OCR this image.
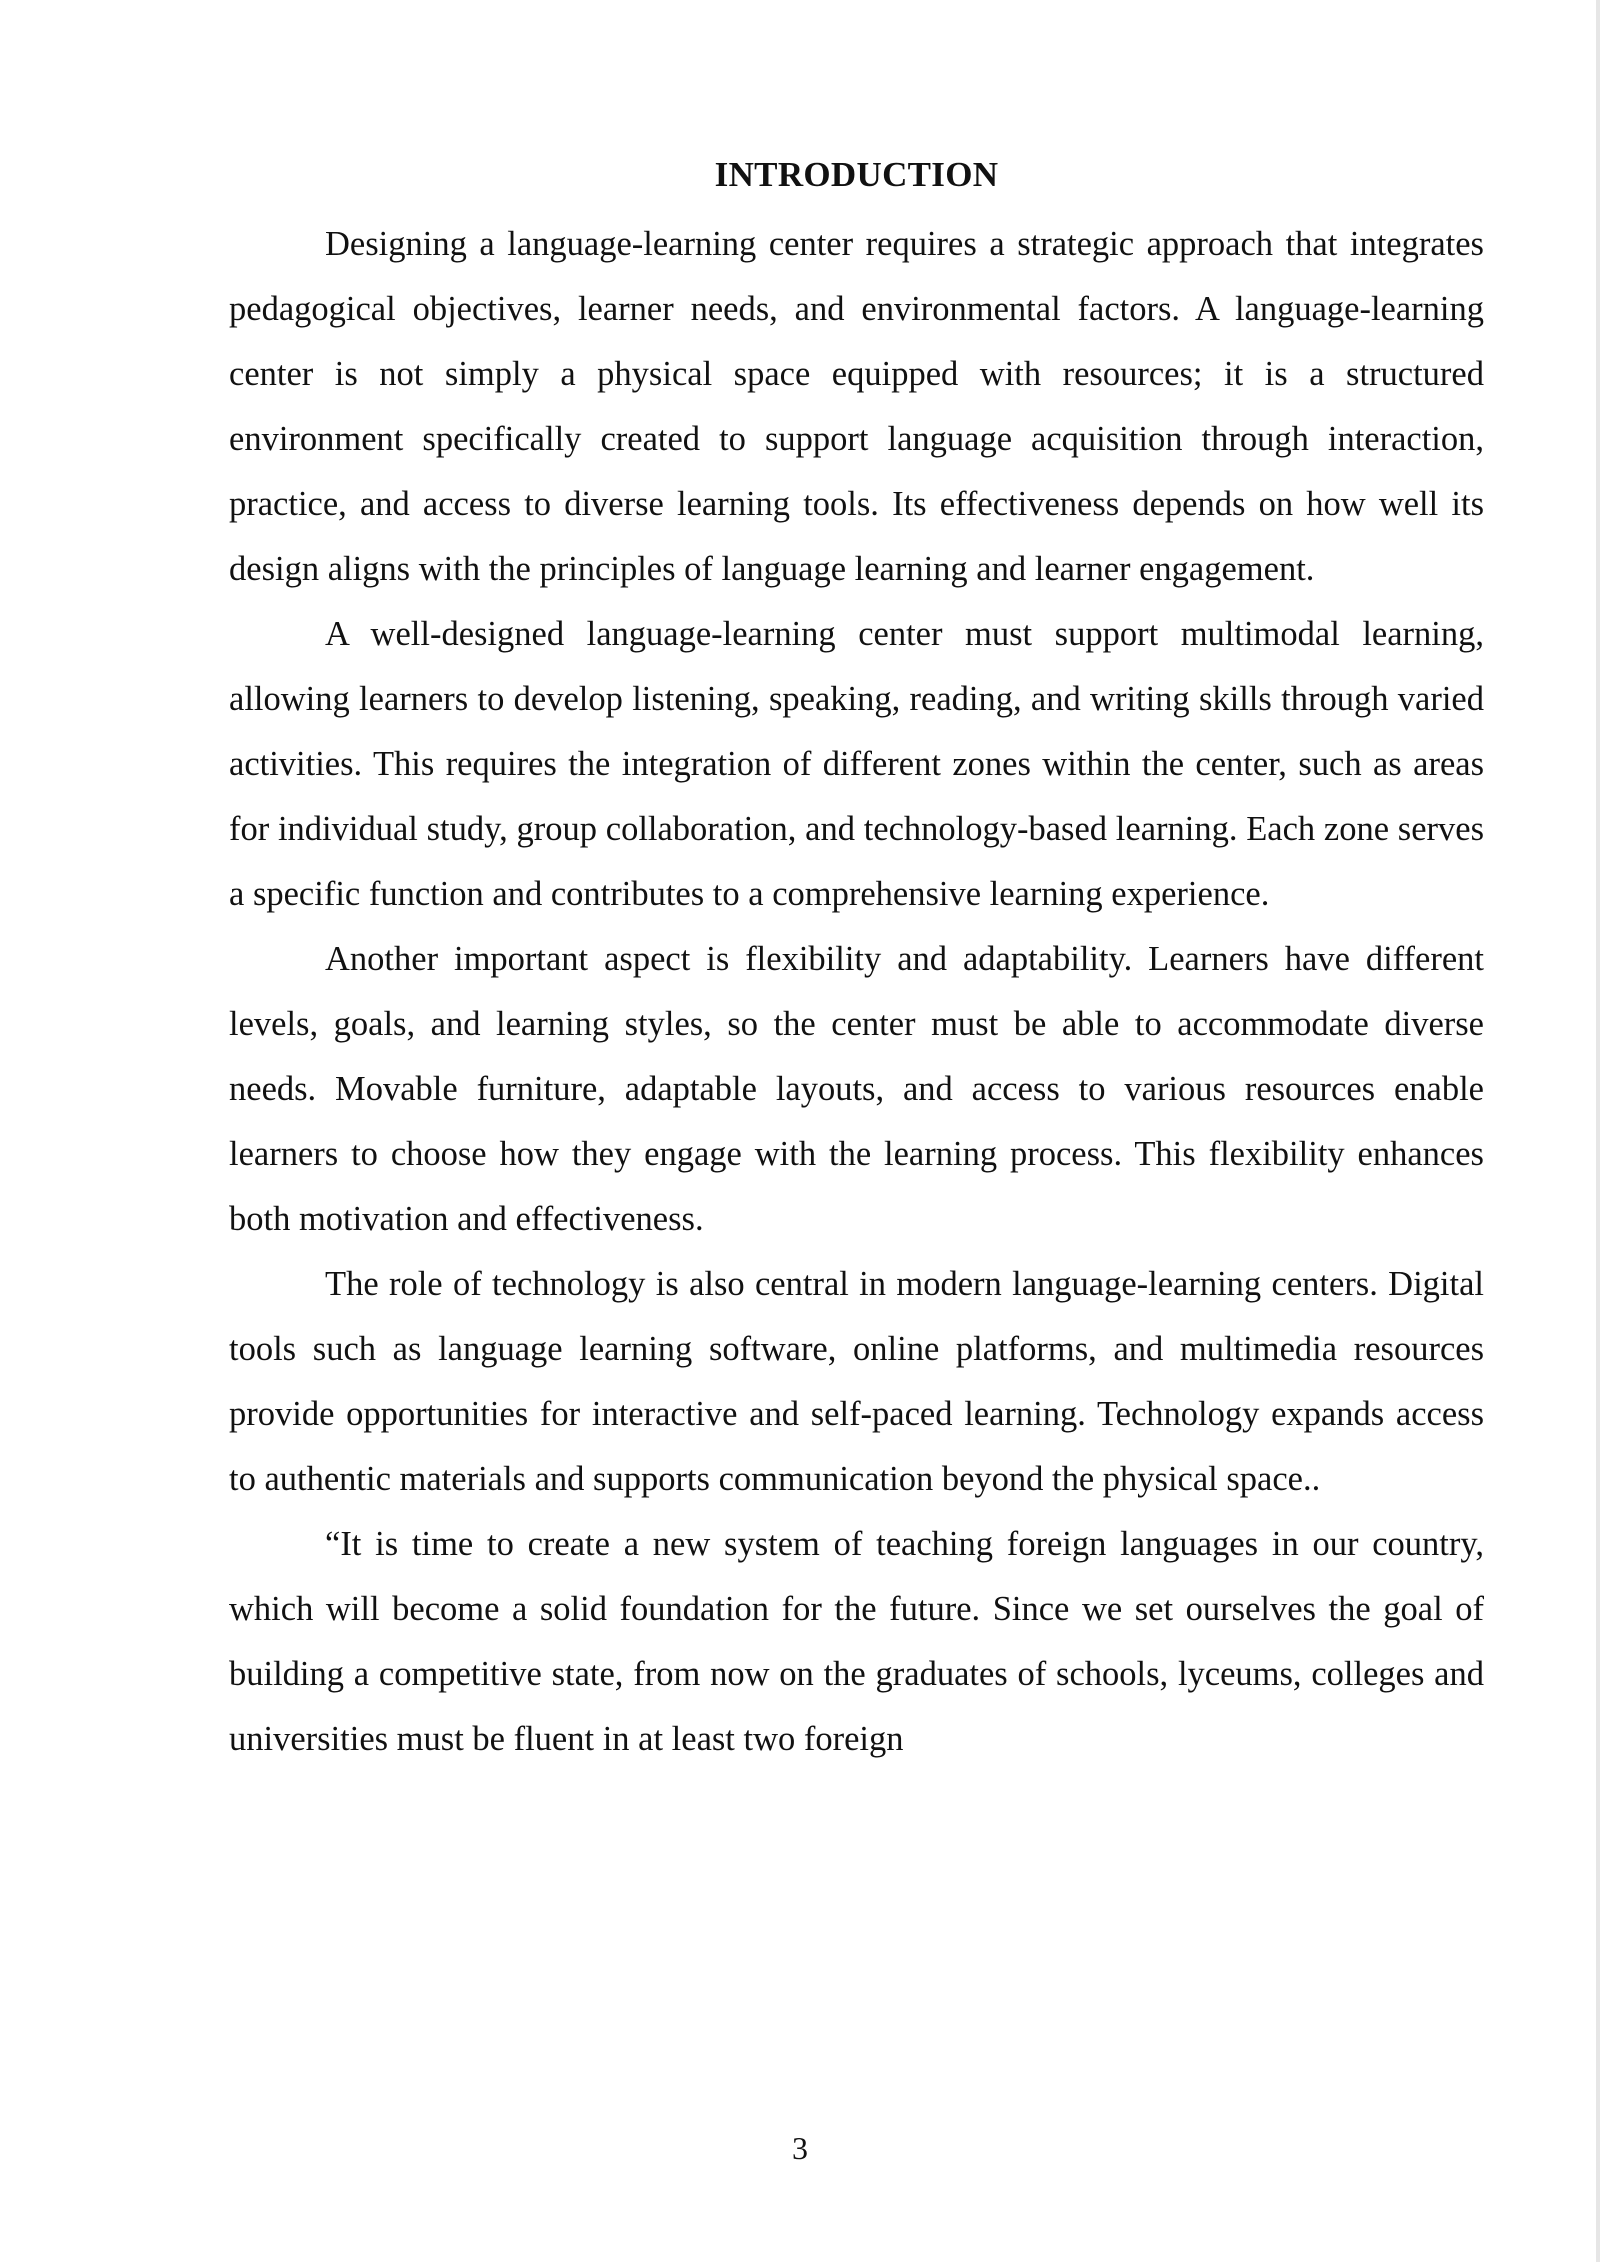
INTRODUCTION

Designing a language-learning center requires a strategic approach that integrates pedagogical objectives, learner needs, and environmental factors. A language-learning center is not simply a physical space equipped with resources; it is a structured environment specifically created to support language acquisition through interaction, practice, and access to diverse learning tools. Its effectiveness depends on how well its design aligns with the principles of language learning and learner engagement.

A well-designed language-learning center must support multimodal learning, allowing learners to develop listening, speaking, reading, and writing skills through varied activities. This requires the integration of different zones within the center, such as areas for individual study, group collaboration, and technology-based learning. Each zone serves a specific function and contributes to a comprehensive learning experience.

Another important aspect is flexibility and adaptability. Learners have different levels, goals, and learning styles, so the center must be able to accommodate diverse needs. Movable furniture, adaptable layouts, and access to various resources enable learners to choose how they engage with the learning process. This flexibility enhances both motivation and effectiveness.

The role of technology is also central in modern language-learning centers. Digital tools such as language learning software, online platforms, and multimedia resources provide opportunities for interactive and self-paced learning. Technology expands access to authentic materials and supports communication beyond the physical space..

“It is time to create a new system of teaching foreign languages in our country, which will become a solid foundation for the future. Since we set ourselves the goal of building a competitive state, from now on the graduates of schools, lyceums, colleges and universities must be fluent in at least two foreign

3
